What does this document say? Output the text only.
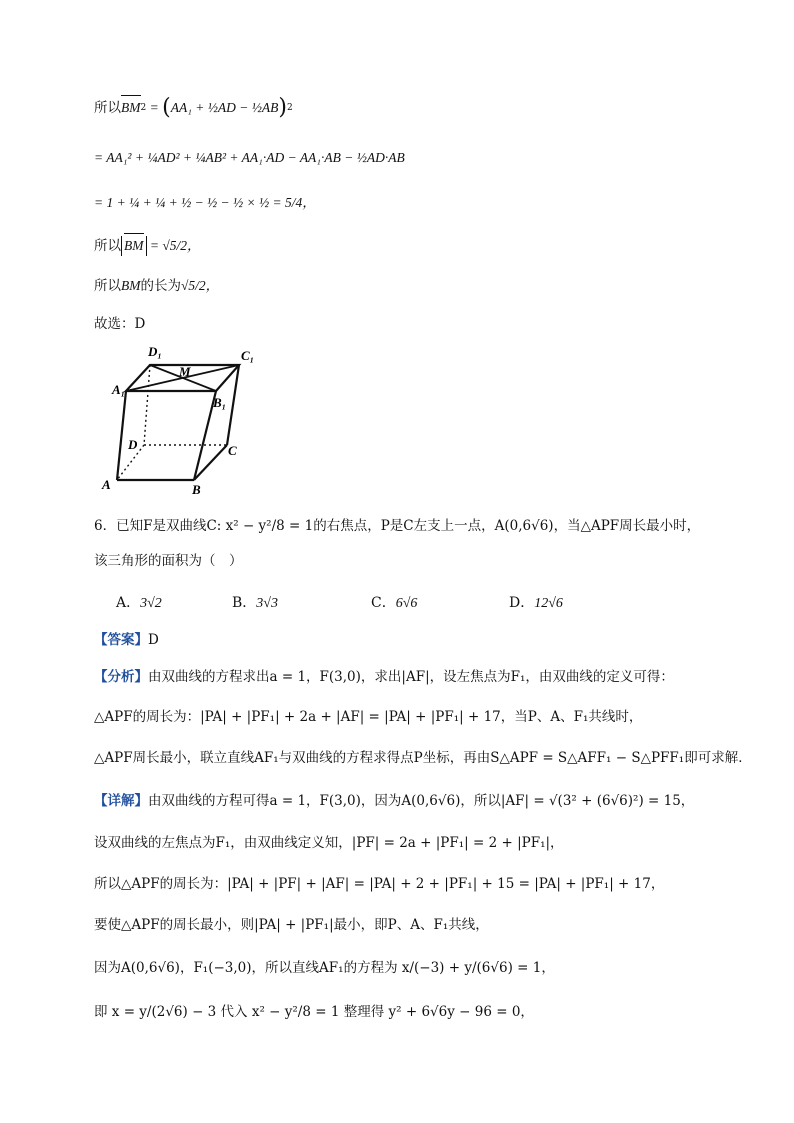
所以 BM 2 = ( AA₁ + ½AD − ½AB ) 2
= AA₁² + ¼AD² + ¼AB² + AA₁·AD − AA₁·AB − ½AD·AB
= 1 + ¼ + ¼ + ½ − ½ − ½ × ½ = 5/4，
所以 BM = √5/2，
所以 BM 的长为 √5/2，
故选：D
D₁	C₁
A₁
M
B₁
D	C
A	B
6． 已知F是双曲线C: x² − y²/8 = 1的右焦点，P是C左支上一点，A(0,6√6)，当△APF周长最小时，
该三角形的面积为（　）
A．3√2	B．3√3	C．6√6	D．12√6
【答案】 D
【分析】 由双曲线的方程求出a = 1，F(3,0)，求出|AF|，设左焦点为F₁，由双曲线的定义可得：
△APF的周长为：|PA| + |PF₁| + 2a + |AF| = |PA| + |PF₁| + 17，当P、A、F₁共线时，
△APF周长最小，联立直线AF₁与双曲线的方程求得点P坐标，再由S△APF = S△AFF₁ − S△PFF₁即可求解．
【详解】 由双曲线的方程可得a = 1，F(3,0)，因为A(0,6√6)，所以|AF| = √(3² + (6√6)²) = 15，
设双曲线的左焦点为F₁，由双曲线定义知，|PF| = 2a + |PF₁| = 2 + |PF₁|，
所以△APF的周长为：|PA| + |PF| + |AF| = |PA| + 2 + |PF₁| + 15 = |PA| + |PF₁| + 17，
要使△APF的周长最小，则|PA| + |PF₁|最小，即P、A、F₁共线，
因为A(0,6√6)，F₁(−3,0)，所以直线AF₁的方程为 x/(−3) + y/(6√6) = 1，
即 x = y/(2√6) − 3 代入 x² − y²/8 = 1 整理得 y² + 6√6y − 96 = 0，
